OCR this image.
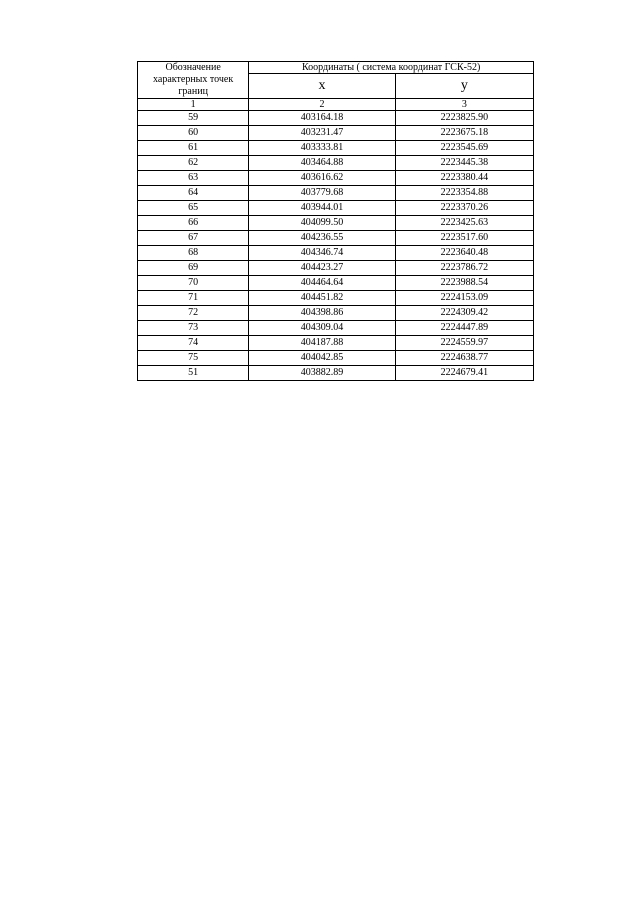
Обозначение характерных точек границ	Координаты ( система координат ГСК-52)	
	x	y
1	2	3
59	403164.18	2223825.90
60	403231.47	2223675.18
61	403333.81	2223545.69
62	403464.88	2223445.38
63	403616.62	2223380.44
64	403779.68	2223354.88
65	403944.01	2223370.26
66	404099.50	2223425.63
67	404236.55	2223517.60
68	404346.74	2223640.48
69	404423.27	2223786.72
70	404464.64	2223988.54
71	404451.82	2224153.09
72	404398.86	2224309.42
73	404309.04	2224447.89
74	404187.88	2224559.97
75	404042.85	2224638.77
51	403882.89	2224679.41
